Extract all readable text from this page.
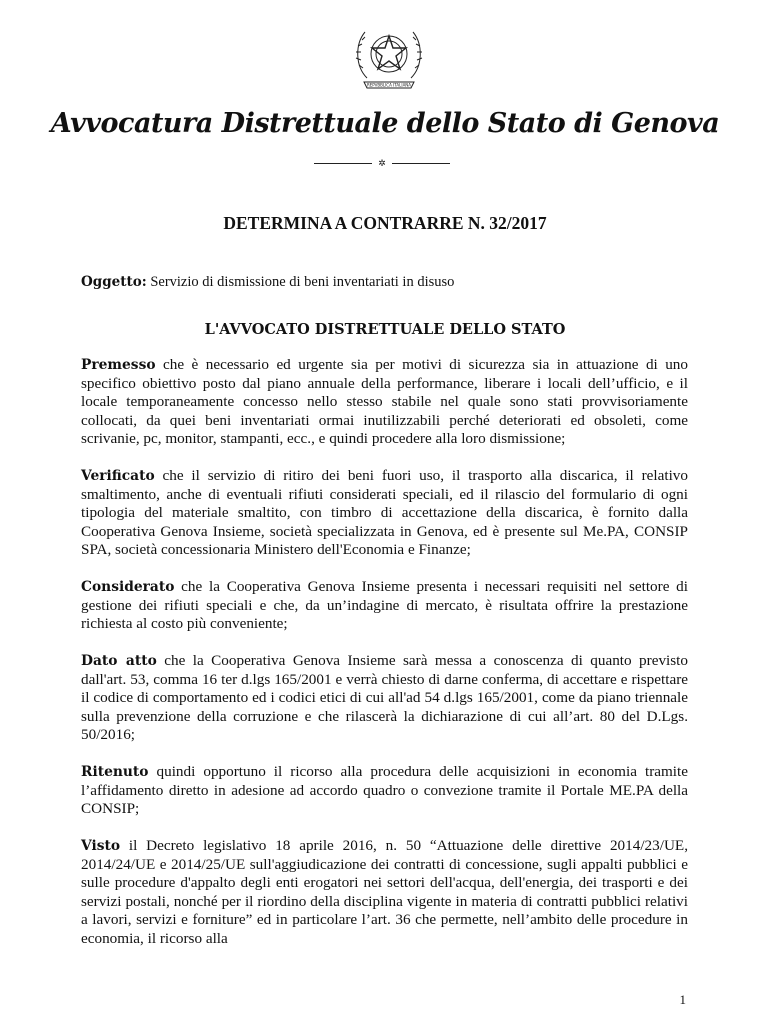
REPVBBLICA ITALIANA
Avvocatura Distrettuale dello Stato di Genova
✲
DETERMINA A CONTRARRE N. 32/2017
Oggetto: Servizio di dismissione di beni inventariati in disuso
L'AVVOCATO DISTRETTUALE DELLO STATO

Premesso che è necessario ed urgente sia per motivi di sicurezza sia in attuazione di uno specifico obiettivo posto dal piano annuale della performance, liberare i locali dell’ufficio, e il locale temporaneamente concesso nello stesso stabile nel quale sono stati provvisoriamente collocati, da quei beni inventariati ormai inutilizzabili perché deteriorati ed obsoleti, come scrivanie, pc, monitor, stampanti, ecc., e quindi procedere alla loro dismissione;

Verificato che il servizio di ritiro dei beni fuori uso, il trasporto alla discarica, il relativo smaltimento, anche di eventuali rifiuti considerati speciali, ed il rilascio del formulario di ogni tipologia del materiale smaltito, con timbro di accettazione della discarica, è fornito dalla Cooperativa Genova Insieme, società specializzata in Genova, ed è presente sul Me.PA, CONSIP SPA, società concessionaria Ministero dell'Economia e Finanze;

Considerato che la Cooperativa Genova Insieme presenta i necessari requisiti nel settore di gestione dei rifiuti speciali e che, da un’indagine di mercato, è risultata offrire la prestazione richiesta al costo più conveniente;

Dato atto che la Cooperativa Genova Insieme sarà messa a conoscenza di quanto previsto dall'art. 53, comma 16 ter d.lgs 165/2001 e verrà chiesto di darne conferma, di accettare e rispettare il codice di comportamento ed i codici etici di cui all'ad 54 d.lgs 165/2001, come da piano triennale sulla prevenzione della corruzione e che rilascerà la dichiarazione di cui all’art. 80 del D.Lgs. 50/2016;

Ritenuto quindi opportuno il ricorso alla procedura delle acquisizioni in economia tramite l’affidamento diretto in adesione ad accordo quadro o convezione tramite il Portale ME.PA della CONSIP;

Visto il Decreto legislativo 18 aprile 2016, n. 50 “Attuazione delle direttive 2014/23/UE, 2014/24/UE e 2014/25/UE sull'aggiudicazione dei contratti di concessione, sugli appalti pubblici e sulle procedure d'appalto degli enti erogatori nei settori dell'acqua, dell'energia, dei trasporti e dei servizi postali, nonché per il riordino della disciplina vigente in materia di contratti pubblici relativi a lavori, servizi e forniture” ed in particolare l’art. 36 che permette, nell’ambito delle procedure in economia, il ricorso alla

1
